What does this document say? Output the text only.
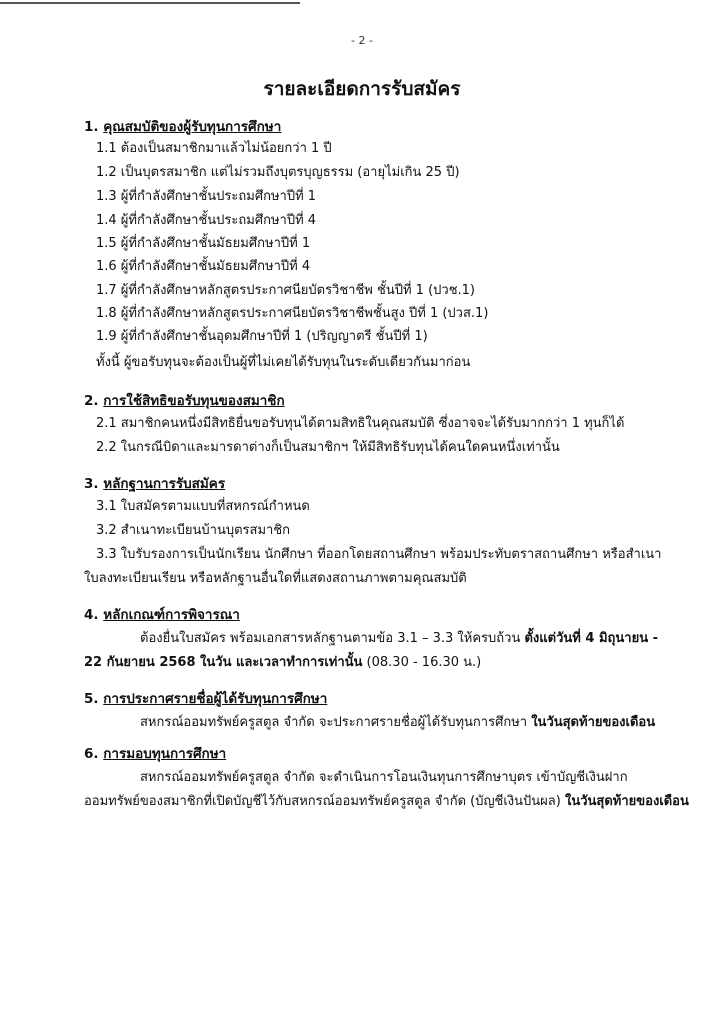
- 2 -
รายละเอียดการรับสมัคร
1. คุณสมบัติของผู้รับทุนการศึกษา
1.1 ต้องเป็นสมาชิกมาแล้วไม่น้อยกว่า 1 ปี
1.2 เป็นบุตรสมาชิก แต่ไม่รวมถึงบุตรบุญธรรม (อายุไม่เกิน 25 ปี)
1.3 ผู้ที่กำลังศึกษาชั้นประถมศึกษาปีที่ 1
1.4 ผู้ที่กำลังศึกษาชั้นประถมศึกษาปีที่ 4
1.5 ผู้ที่กำลังศึกษาชั้นมัธยมศึกษาปีที่ 1
1.6 ผู้ที่กำลังศึกษาชั้นมัธยมศึกษาปีที่ 4
1.7 ผู้ที่กำลังศึกษาหลักสูตรประกาศนียบัตรวิชาชีพ ชั้นปีที่ 1 (ปวช.1)
1.8 ผู้ที่กำลังศึกษาหลักสูตรประกาศนียบัตรวิชาชีพชั้นสูง ปีที่ 1 (ปวส.1)
1.9 ผู้ที่กำลังศึกษาชั้นอุดมศึกษาปีที่ 1 (ปริญญาตรี ชั้นปีที่ 1)
ทั้งนี้ ผู้ขอรับทุนจะต้องเป็นผู้ที่ไม่เคยได้รับทุนในระดับเดียวกันมาก่อน
2. การใช้สิทธิขอรับทุนของสมาชิก
2.1 สมาชิกคนหนึ่งมีสิทธิยื่นขอรับทุนได้ตามสิทธิในคุณสมบัติ ซึ่งอาจจะได้รับมากกว่า 1 ทุนก็ได้
2.2 ในกรณีบิดาและมารดาต่างก็เป็นสมาชิกฯ ให้มีสิทธิรับทุนได้คนใดคนหนึ่งเท่านั้น
3. หลักฐานการรับสมัคร
3.1 ใบสมัครตามแบบที่สหกรณ์กำหนด
3.2 สำเนาทะเบียนบ้านบุตรสมาชิก
3.3 ใบรับรองการเป็นนักเรียน นักศึกษา ที่ออกโดยสถานศึกษา พร้อมประทับตราสถานศึกษา หรือสำเนา
ใบลงทะเบียนเรียน หรือหลักฐานอื่นใดที่แสดงสถานภาพตามคุณสมบัติ
4. หลักเกณฑ์การพิจารณา
ต้องยื่นใบสมัคร พร้อมเอกสารหลักฐานตามข้อ 3.1 – 3.3 ให้ครบถ้วน ตั้งแต่วันที่ 4 มิถุนายน -
22 กันยายน 2568 ในวัน และเวลาทำการเท่านั้น (08.30 - 16.30 น.)
5. การประกาศรายชื่อผู้ได้รับทุนการศึกษา
สหกรณ์ออมทรัพย์ครูสตูล จำกัด จะประกาศรายชื่อผู้ได้รับทุนการศึกษา ในวันสุดท้ายของเดือน
6. การมอบทุนการศึกษา
สหกรณ์ออมทรัพย์ครูสตูล จำกัด จะดำเนินการโอนเงินทุนการศึกษาบุตร เข้าบัญชีเงินฝาก
ออมทรัพย์ของสมาชิกที่เปิดบัญชีไว้กับสหกรณ์ออมทรัพย์ครูสตูล จำกัด (บัญชีเงินปันผล) ในวันสุดท้ายของเดือน
